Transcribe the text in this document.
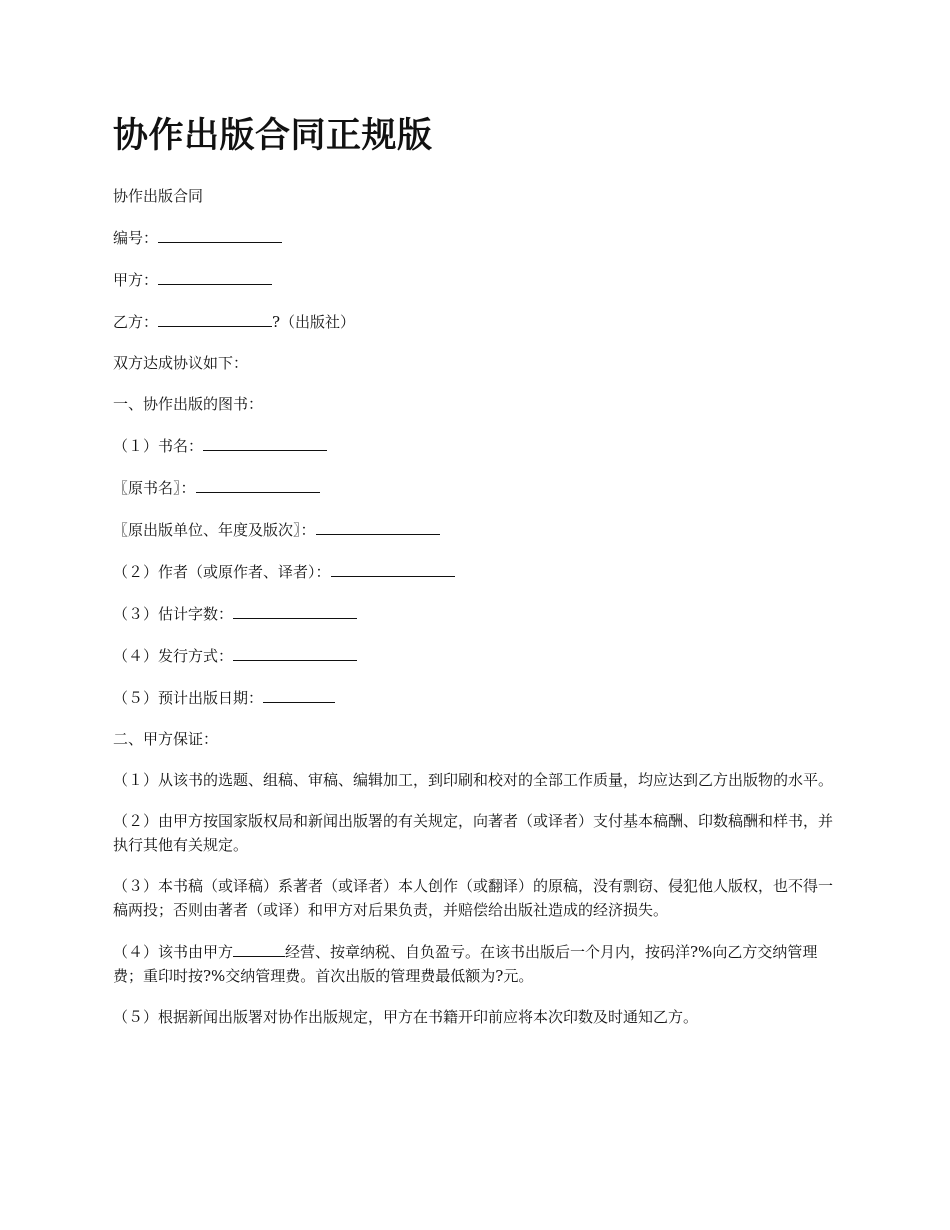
协作出版合同正规版
协作出版合同
编号：
甲方：
乙方：	?（出版社）
双方达成协议如下：
一、协作出版的图书：
（１）书名：
〖原书名〗：
〖原出版单位、年度及版次〗：
（２）作者（或原作者、译者）：
（３）估计字数：
（４）发行方式：
（５）预计出版日期：
二、甲方保证：

（１）从该书的选题、组稿、审稿、编辑加工，到印刷和校对的全部工作质量，均应达到乙方出版物的水平。

（２）由甲方按国家版权局和新闻出版署的有关规定，向著者（或译者）支付基本稿酬、印数稿酬和样书，并执行其他有关规定。

（３）本书稿（或译稿）系著者（或译者）本人创作（或翻译）的原稿，没有剽窃、侵犯他人版权，也不得一稿两投；否则由著者（或译）和甲方对后果负责，并赔偿给出版社造成的经济损失。

（４）该书由甲方	经营、按章纳税、自负盈亏。在该书出版后一个月内，按码洋?%向乙方交纳管理费；重印时按?%交纳管理费。首次出版的管理费最低额为?元。

（５）根据新闻出版署对协作出版规定，甲方在书籍开印前应将本次印数及时通知乙方。
